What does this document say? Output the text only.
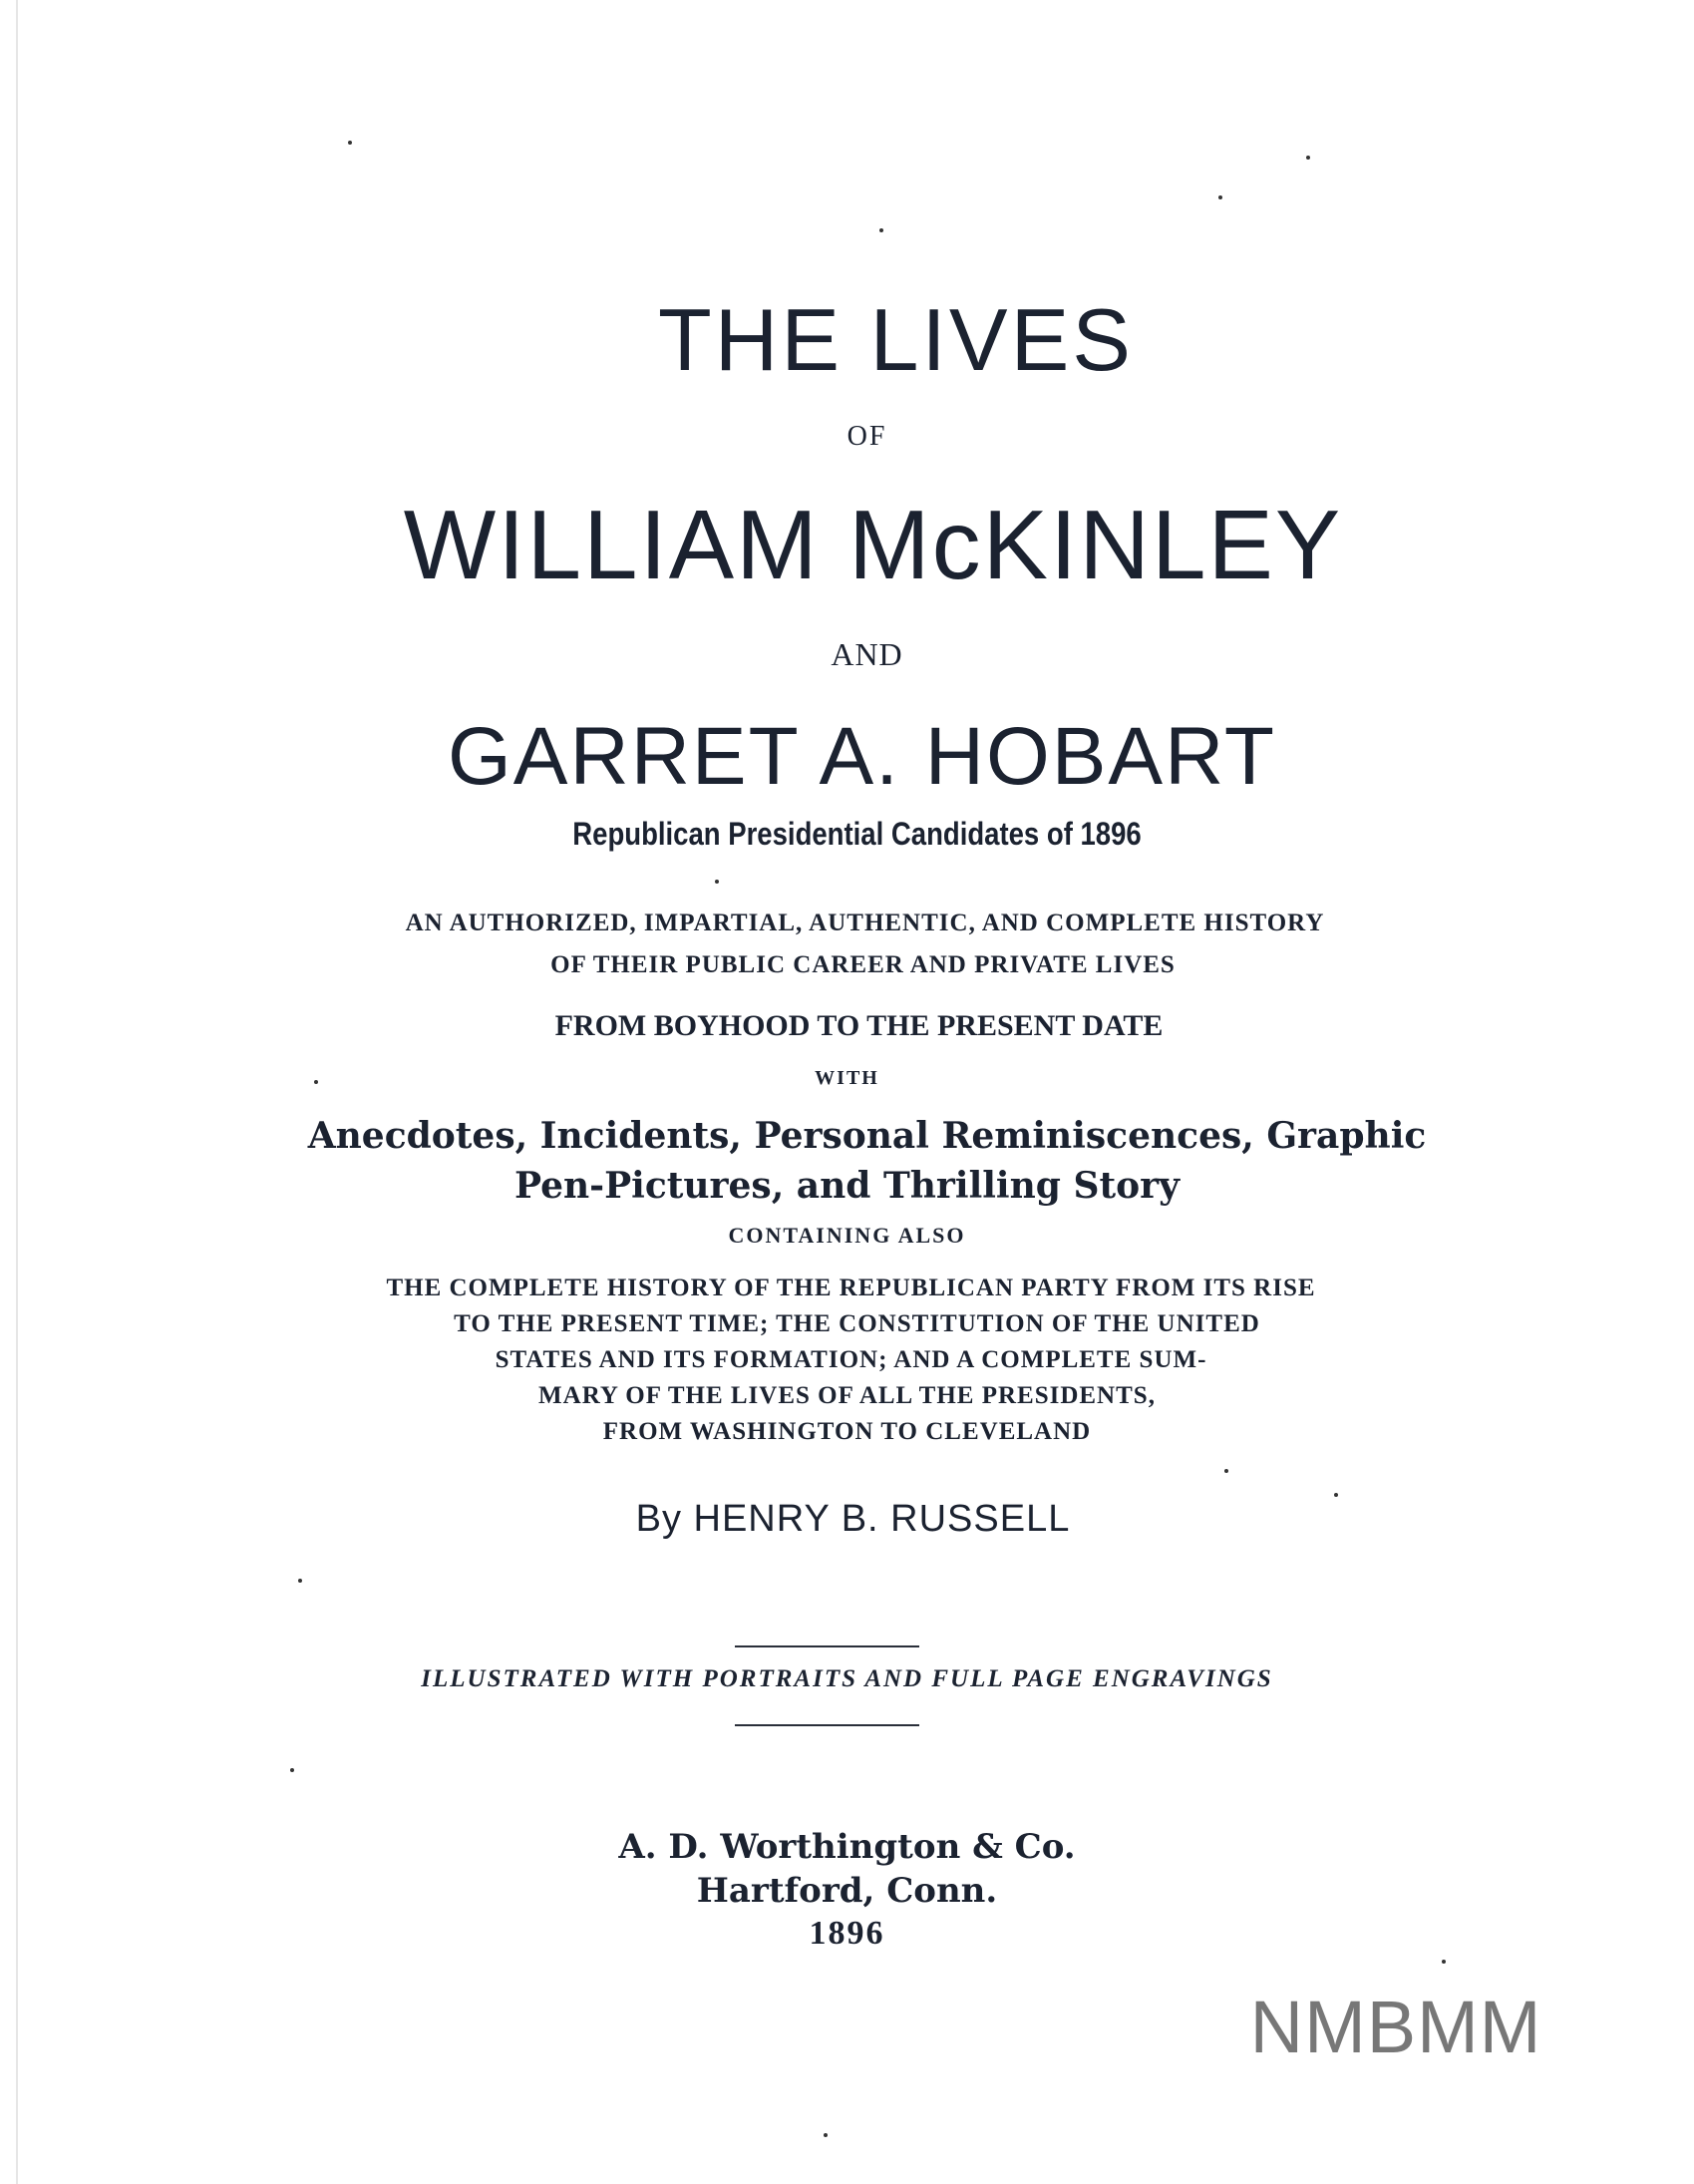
THE LIVES
OF
WILLIAM McKINLEY
AND
GARRET A. HOBART
Republican Presidential Candidates of 1896
AN AUTHORIZED, IMPARTIAL, AUTHENTIC, AND COMPLETE HISTORY
OF THEIR PUBLIC CAREER AND PRIVATE LIVES
FROM BOYHOOD TO THE PRESENT DATE
WITH
Anecdotes, Incidents, Personal Reminiscences, Graphic
Pen-Pictures, and Thrilling Story
CONTAINING ALSO
THE COMPLETE HISTORY OF THE REPUBLICAN PARTY FROM ITS RISE
TO THE PRESENT TIME; THE CONSTITUTION OF THE UNITED
STATES AND ITS FORMATION; AND A COMPLETE SUM-
MARY OF THE LIVES OF ALL THE PRESIDENTS,
FROM WASHINGTON TO CLEVELAND
By HENRY B. RUSSELL
ILLUSTRATED WITH PORTRAITS AND FULL PAGE ENGRAVINGS
A. D. Worthington & Co.
Hartford, Conn.
1896
NMBMM
